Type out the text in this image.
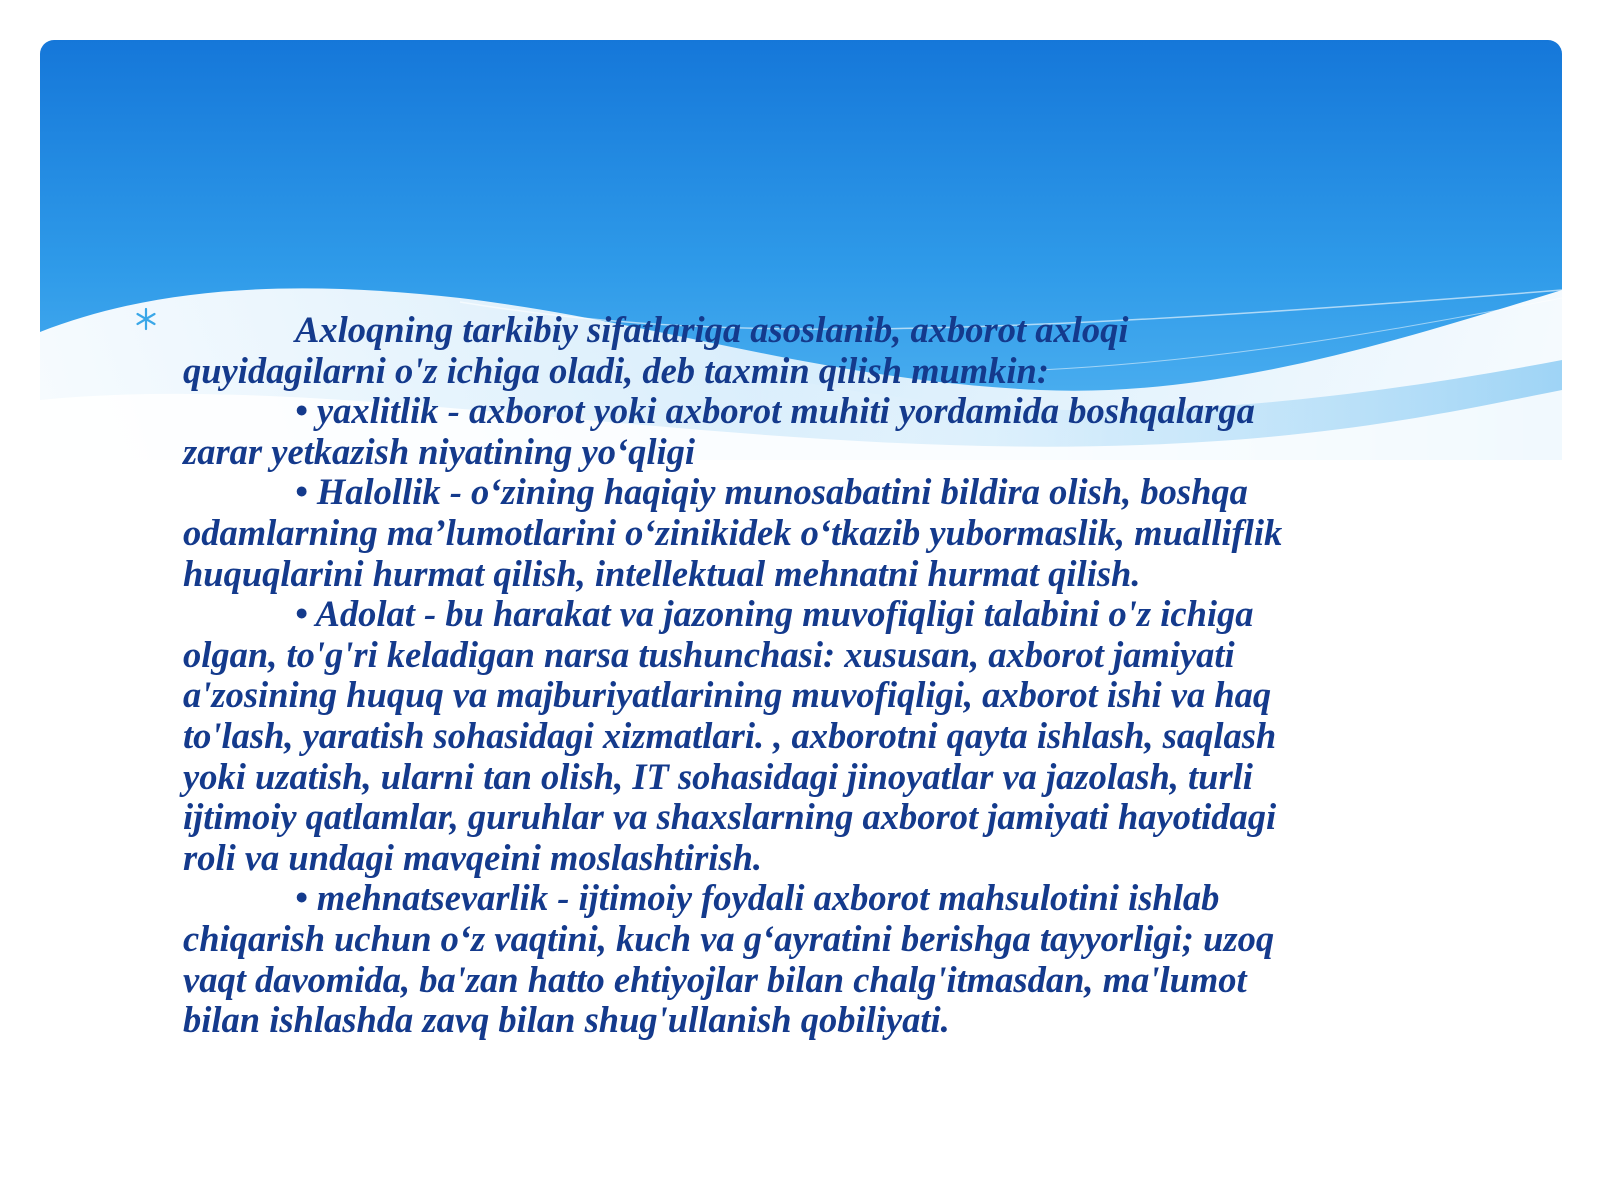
Axloqning tarkibiy sifatlariga asoslanib, axborot axloqi
quyidagilarni o'z ichiga oladi, deb taxmin qilish mumkin:
• yaxlitlik - axborot yoki axborot muhiti yordamida boshqalarga
zarar yetkazish niyatining yo‘qligi
• Halollik - o‘zining haqiqiy munosabatini bildira olish, boshqa
odamlarning ma’lumotlarini o‘zinikidek o‘tkazib yubormaslik, mualliflik
huquqlarini hurmat qilish, intellektual mehnatni hurmat qilish.
• Adolat - bu harakat va jazoning muvofiqligi talabini o'z ichiga
olgan, to'g'ri keladigan narsa tushunchasi: xususan, axborot jamiyati
a'zosining huquq va majburiyatlarining muvofiqligi, axborot ishi va haq
to'lash, yaratish sohasidagi xizmatlari. , axborotni qayta ishlash, saqlash
yoki uzatish, ularni tan olish, IT sohasidagi jinoyatlar va jazolash, turli
ijtimoiy qatlamlar, guruhlar va shaxslarning axborot jamiyati hayotidagi
roli va undagi mavqeini moslashtirish.
• mehnatsevarlik - ijtimoiy foydali axborot mahsulotini ishlab
chiqarish uchun o‘z vaqtini, kuch va g‘ayratini berishga tayyorligi; uzoq
vaqt davomida, ba'zan hatto ehtiyojlar bilan chalg'itmasdan, ma'lumot
bilan ishlashda zavq bilan shug'ullanish qobiliyati.
